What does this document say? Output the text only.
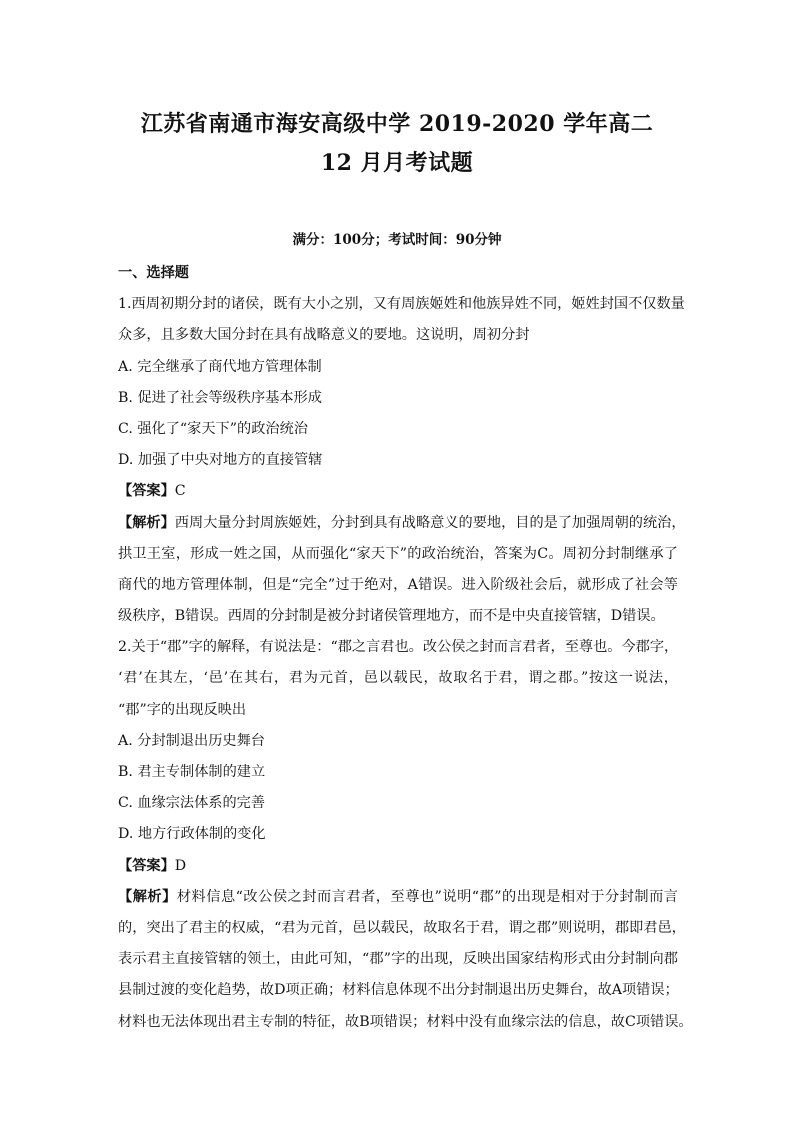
江苏省南通市海安高级中学 2019-2020 学年高二
12 月月考试题
满分：100分；考试时间：90分钟
一、选择题
1.西周初期分封的诸侯，既有大小之别，又有周族姬姓和他族异姓不同，姬姓封国不仅数量
众多，且多数大国分封在具有战略意义的要地。这说明，周初分封
A. 完全继承了商代地方管理体制
B. 促进了社会等级秩序基本形成
C. 强化了“家天下”的政治统治
D. 加强了中央对地方的直接管辖
【答案】C
【解析】西周大量分封周族姬姓，分封到具有战略意义的要地，目的是了加强周朝的统治，
拱卫王室，形成一姓之国，从而强化“家天下”的政治统治，答案为C。周初分封制继承了
商代的地方管理体制，但是“完全”过于绝对，A错误。进入阶级社会后，就形成了社会等
级秩序，B错误。西周的分封制是被分封诸侯管理地方，而不是中央直接管辖，D错误。
2.关于“郡”字的解释，有说法是：“郡之言君也。改公侯之封而言君者，至尊也。今郡字，
‘君’在其左，‘邑’在其右，君为元首，邑以载民，故取名于君，谓之郡。”按这一说法，
“郡”字的出现反映出
A. 分封制退出历史舞台
B. 君主专制体制的建立
C. 血缘宗法体系的完善
D. 地方行政体制的变化
【答案】D
【解析】材料信息“改公侯之封而言君者，至尊也”说明“郡”的出现是相对于分封制而言
的，突出了君主的权威，“君为元首，邑以载民，故取名于君，谓之郡”则说明，郡即君邑，
表示君主直接管辖的领土，由此可知，“郡”字的出现，反映出国家结构形式由分封制向郡
县制过渡的变化趋势，故D项正确；材料信息体现不出分封制退出历史舞台，故A项错误；
材料也无法体现出君主专制的特征，故B项错误；材料中没有血缘宗法的信息，故C项错误。
